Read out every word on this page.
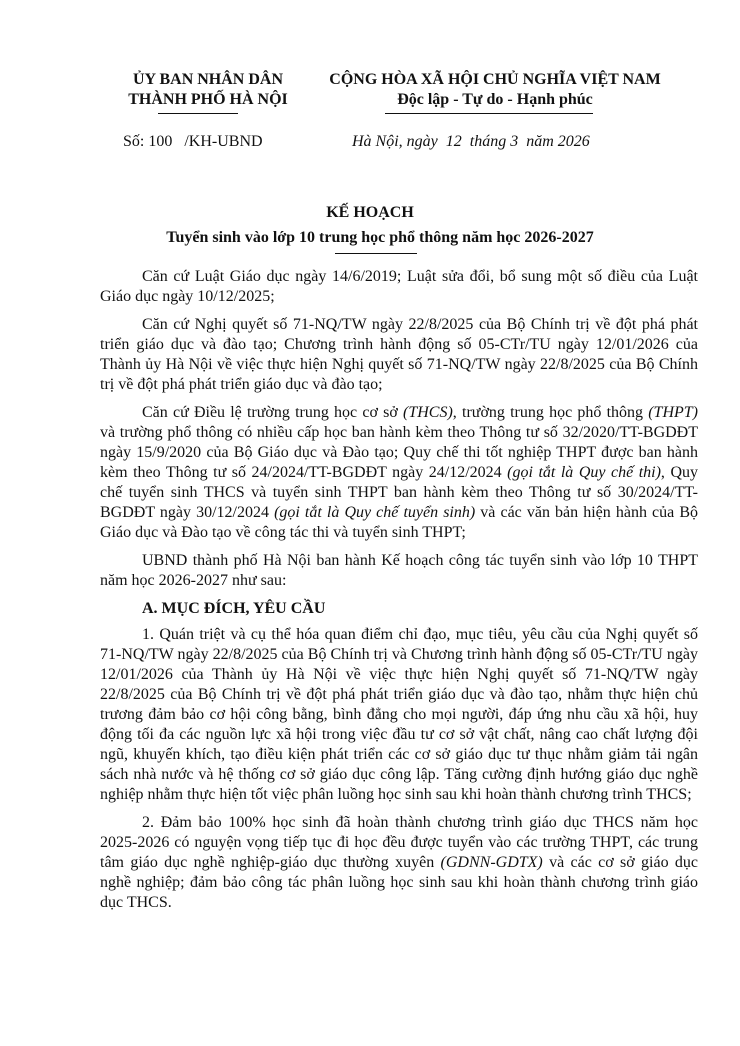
ỦY BAN NHÂN DÂN
THÀNH PHỐ HÀ NỘI
CỘNG HÒA XÃ HỘI CHỦ NGHĨA VIỆT NAM
Độc lập - Tự do - Hạnh phúc
Số: 100   /KH-UBND	Hà Nội, ngày  12  tháng 3  năm 2026
KẾ HOẠCH
Tuyển sinh vào lớp 10 trung học phổ thông năm học 2026-2027

Căn cứ Luật Giáo dục ngày 14/6/2019; Luật sửa đổi, bổ sung một số điều của Luật Giáo dục ngày 10/12/2025;

Căn cứ Nghị quyết số 71-NQ/TW ngày 22/8/2025 của Bộ Chính trị về đột phá phát triển giáo dục và đào tạo; Chương trình hành động số 05-CTr/TU ngày 12/01/2026 của Thành ủy Hà Nội về việc thực hiện Nghị quyết số 71-NQ/TW ngày 22/8/2025 của Bộ Chính trị về đột phá phát triển giáo dục và đào tạo;

Căn cứ Điều lệ trường trung học cơ sở (THCS), trường trung học phổ thông (THPT) và trường phổ thông có nhiều cấp học ban hành kèm theo Thông tư số 32/2020/TT-BGDĐT ngày 15/9/2020 của Bộ Giáo dục và Đào tạo; Quy chế thi tốt nghiệp THPT được ban hành kèm theo Thông tư số 24/2024/TT-BGDĐT ngày 24/12/2024 (gọi tắt là Quy chế thi), Quy chế tuyển sinh THCS và tuyển sinh THPT ban hành kèm theo Thông tư số 30/2024/TT-BGDĐT ngày 30/12/2024 (gọi tắt là Quy chế tuyển sinh) và các văn bản hiện hành của Bộ Giáo dục và Đào tạo về công tác thi và tuyển sinh THPT;

UBND thành phố Hà Nội ban hành Kế hoạch công tác tuyển sinh vào lớp 10 THPT năm học 2026-2027 như sau:

A. MỤC ĐÍCH, YÊU CẦU

1. Quán triệt và cụ thể hóa quan điểm chỉ đạo, mục tiêu, yêu cầu của Nghị quyết số 71-NQ/TW ngày 22/8/2025 của Bộ Chính trị và Chương trình hành động số 05-CTr/TU ngày 12/01/2026 của Thành ủy Hà Nội về việc thực hiện Nghị quyết số 71-NQ/TW ngày 22/8/2025 của Bộ Chính trị về đột phá phát triển giáo dục và đào tạo, nhằm thực hiện chủ trương đảm bảo cơ hội công bằng, bình đẳng cho mọi người, đáp ứng nhu cầu xã hội, huy động tối đa các nguồn lực xã hội trong việc đầu tư cơ sở vật chất, nâng cao chất lượng đội ngũ, khuyến khích, tạo điều kiện phát triển các cơ sở giáo dục tư thục nhằm giảm tải ngân sách nhà nước và hệ thống cơ sở giáo dục công lập. Tăng cường định hướng giáo dục nghề nghiệp nhằm thực hiện tốt việc phân luồng học sinh sau khi hoàn thành chương trình THCS;

2. Đảm bảo 100% học sinh đã hoàn thành chương trình giáo dục THCS năm học 2025-2026 có nguyện vọng tiếp tục đi học đều được tuyển vào các trường THPT, các trung tâm giáo dục nghề nghiệp-giáo dục thường xuyên (GDNN-GDTX) và các cơ sở giáo dục nghề nghiệp; đảm bảo công tác phân luồng học sinh sau khi hoàn thành chương trình giáo dục THCS.
